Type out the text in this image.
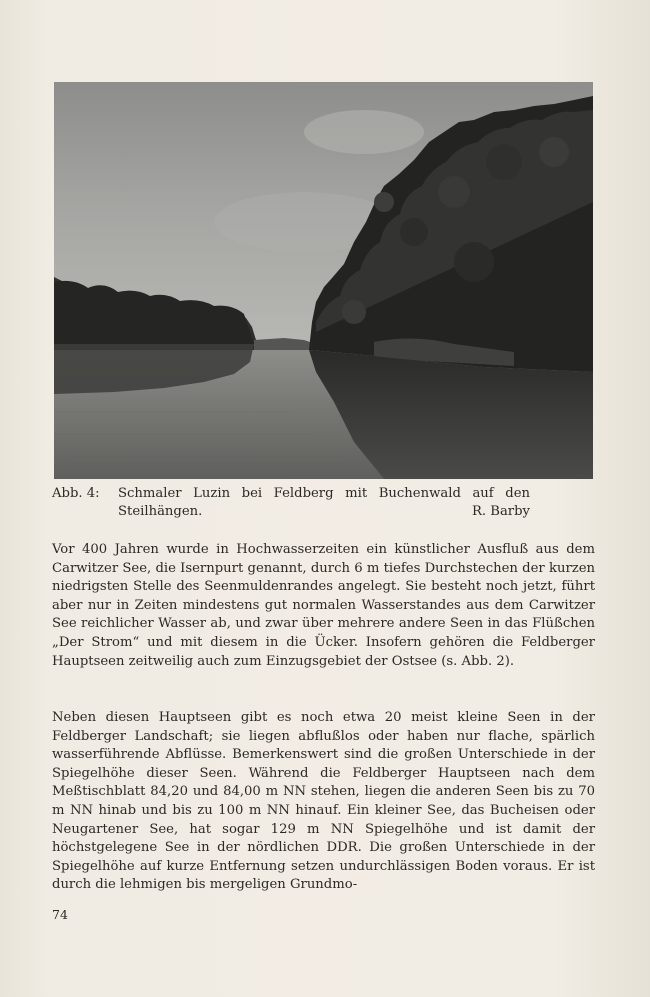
Abb. 4: Schmaler Luzin bei Feldberg mit Buchenwald auf den
Steilhängen.	R. Barby

Vor 400 Jahren wurde in Hochwasserzeiten ein künstlicher Ausfluß aus dem Carwitzer See, die Isernpurt genannt, durch 6 m tiefes Durchstechen der kurzen niedrigsten Stelle des Seenmuldenrandes angelegt. Sie besteht noch jetzt, führt aber nur in Zeiten mindestens gut normalen Wasserstandes aus dem Carwitzer See reichlicher Wasser ab, und zwar über mehrere andere Seen in das Flüßchen „Der Strom“ und mit diesem in die Ücker. Insofern gehören die Feldberger Hauptseen zeitweilig auch zum Einzugsgebiet der Ostsee (s. Abb. 2).

Neben diesen Hauptseen gibt es noch etwa 20 meist kleine Seen in der Feldberger Landschaft; sie liegen abflußlos oder haben nur flache, spärlich wasserführende Abflüsse. Bemerkenswert sind die großen Unterschiede in der Spiegelhöhe dieser Seen. Während die Feldberger Hauptseen nach dem Meßtischblatt 84,20 und 84,00 m NN stehen, liegen die anderen Seen bis zu 70 m NN hinab und bis zu 100 m NN hinauf. Ein kleiner See, das Bucheisen oder Neugartener See, hat sogar 129 m NN Spiegelhöhe und ist damit der höchstgelegene See in der nördlichen DDR. Die großen Unterschiede in der Spiegelhöhe auf kurze Entfernung setzen undurchlässigen Boden voraus. Er ist durch die lehmigen bis mergeligen Grundmo-

74
